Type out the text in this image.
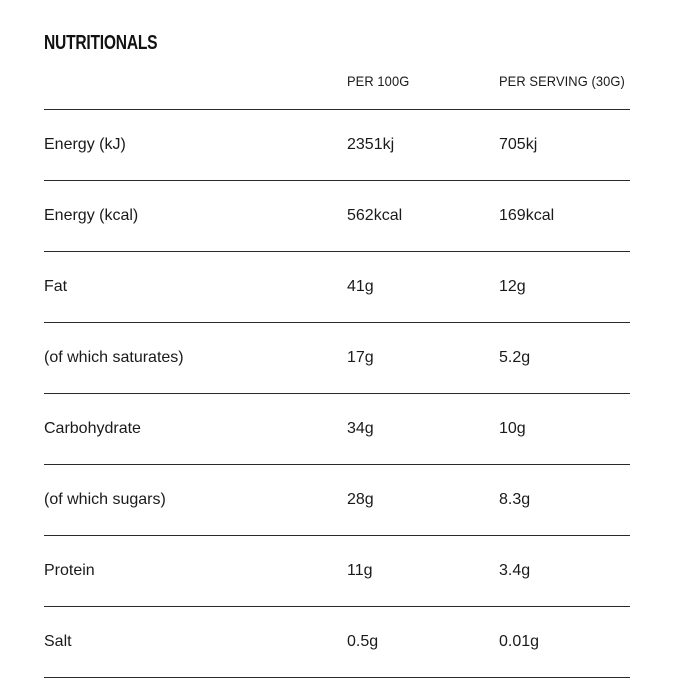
NUTRITIONALS
	PER 100G	PER SERVING (30G)
Energy (kJ)	2351kj	705kj
Energy (kcal)	562kcal	169kcal
Fat	41g	12g
(of which saturates)	17g	5.2g
Carbohydrate	34g	10g
(of which sugars)	28g	8.3g
Protein	11g	3.4g
Salt	0.5g	0.01g
